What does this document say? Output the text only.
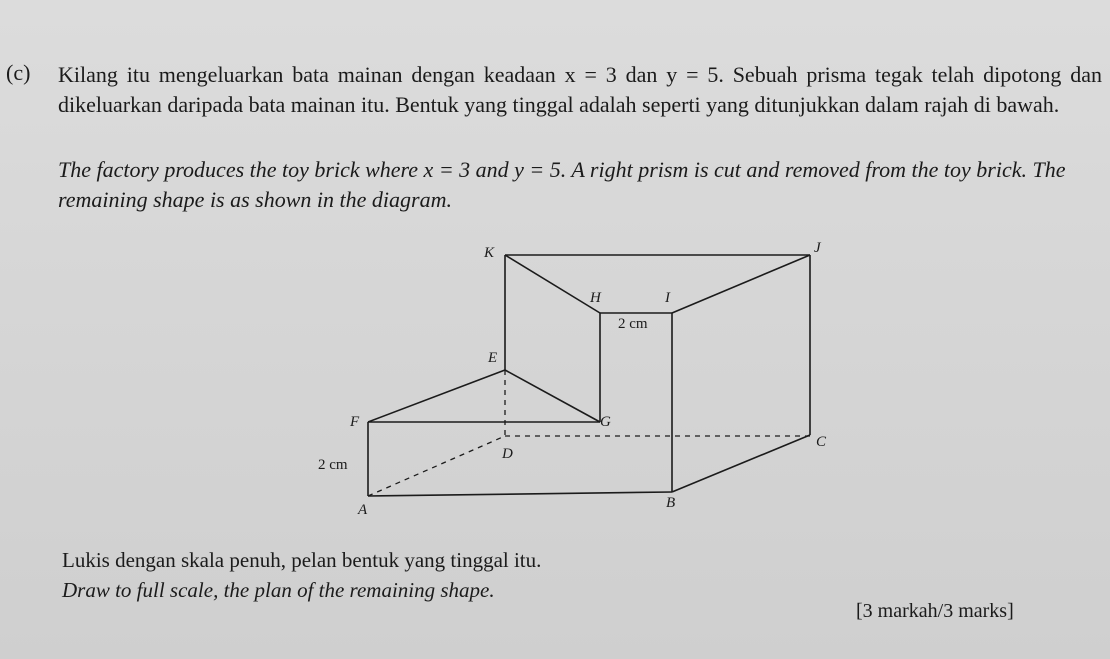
(c) Kilang itu mengeluarkan bata mainan dengan keadaan x = 3 dan y = 5. Sebuah prisma tegak telah dipotong dan dikeluarkan daripada bata mainan itu. Bentuk yang tinggal adalah seperti yang ditunjukkan dalam rajah di bawah.
The factory produces the toy brick where x = 3 and y = 5. A right prism is cut and removed from the toy brick. The remaining shape is as shown in the diagram.
K	J
H	I
2 cm
E
F	G
D
C
2 cm
A	B
Lukis dengan skala penuh, pelan bentuk yang tinggal itu.
Draw to full scale, the plan of the remaining shape.
[3 markah/3 marks]
